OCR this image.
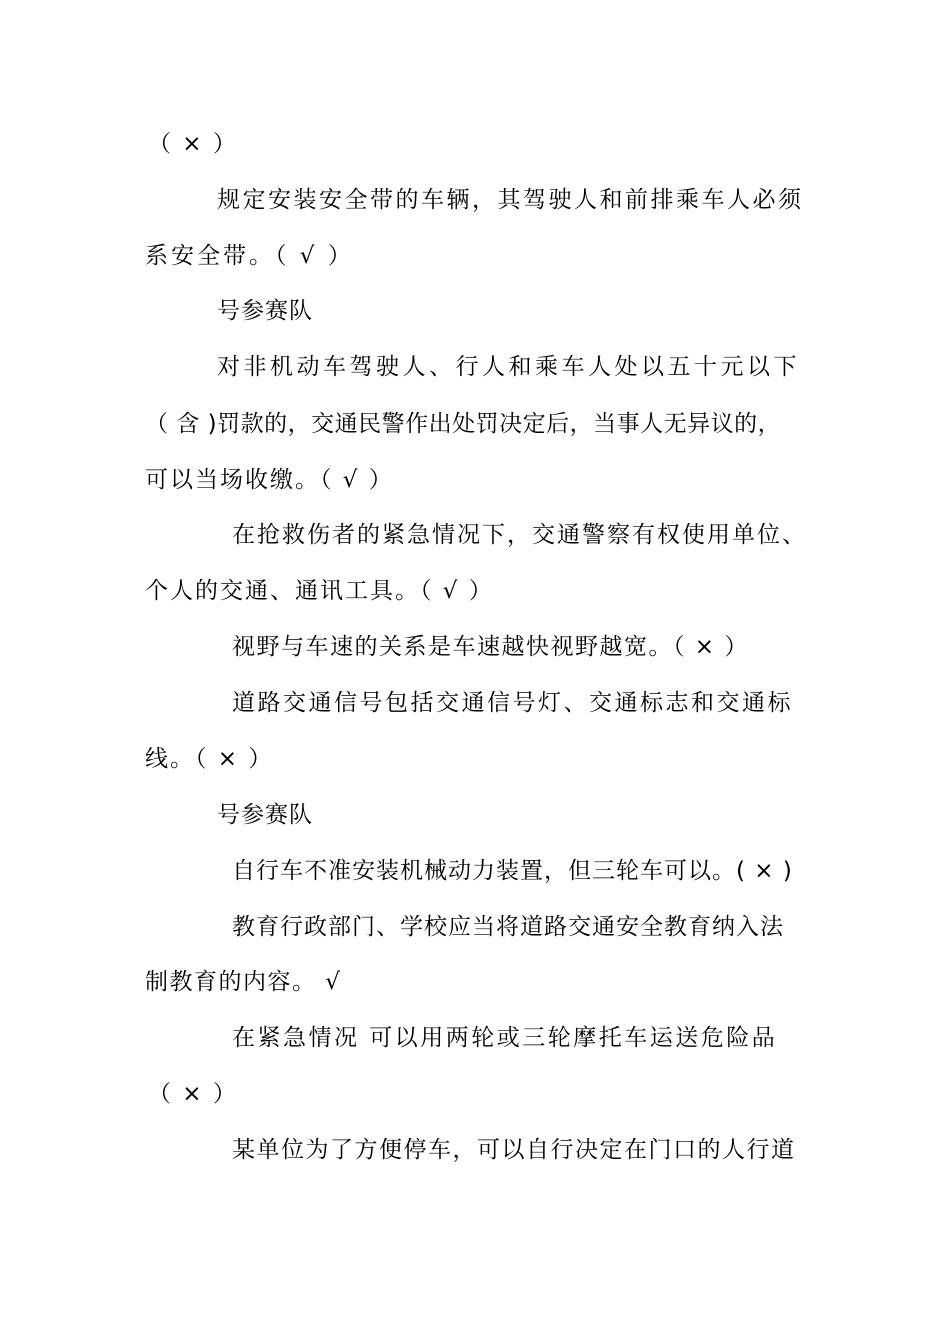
（ × ）
规定安装安全带的车辆，其驾驶人和前排乘车人必须
系安全带。（ √ ）
号参赛队
对非机动车驾驶人、行人和乘车人处以五十元以下
（ 含 )罚款的，交通民警作出处罚决定后，当事人无异议的，
可以当场收缴。（ √ ）
在抢救伤者的紧急情况下，交通警察有权使用单位、
个人的交通、通讯工具。（ √ ）
视野与车速的关系是车速越快视野越宽。（ × ）
道路交通信号包括交通信号灯、交通标志和交通标
线。（ × ）
号参赛队
自行车不准安装机械动力装置，但三轮车可以。( × )
教育行政部门、学校应当将道路交通安全教育纳入法
制教育的内容。 √
在紧急情况 可以用两轮或三轮摩托车运送危险品
（ × ）
某单位为了方便停车，可以自行决定在门口的人行道
